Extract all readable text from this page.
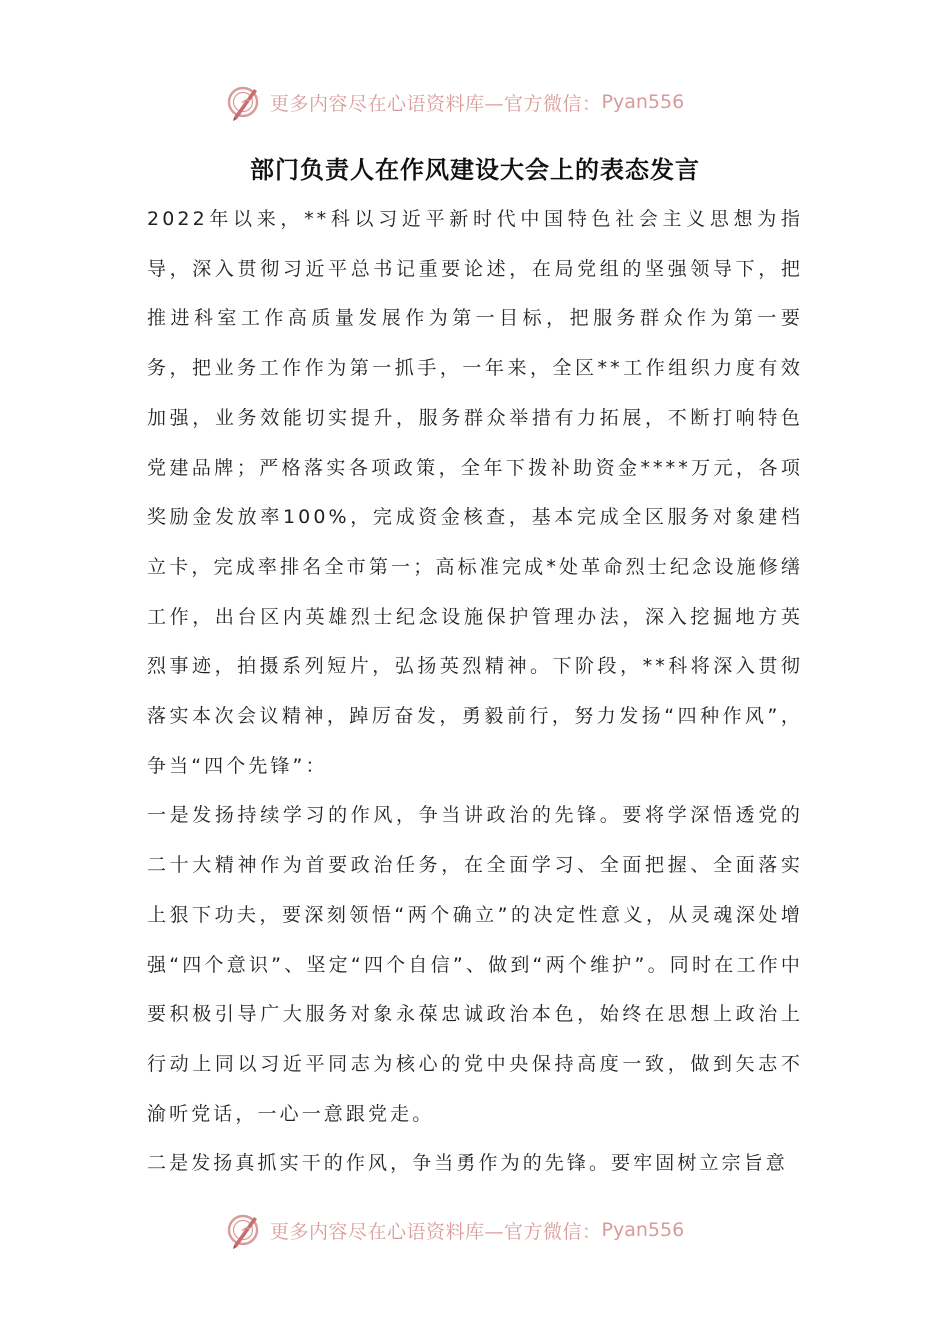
更多内容尽在心语资料库—官方微信： Pyan556
部门负责人在作风建设大会上的表态发言

2022年以来，**科以习近平新时代中国特色社会主义思想为指导，深入贯彻习近平总书记重要论述，在局党组的坚强领导下，把推进科室工作高质量发展作为第一目标，把服务群众作为第一要务，把业务工作作为第一抓手，一年来，全区**工作组织力度有效加强，业务效能切实提升，服务群众举措有力拓展，不断打响特色党建品牌；严格落实各项政策，全年下拨补助资金****万元，各项奖励金发放率100%，完成资金核查，基本完成全区服务对象建档立卡，完成率排名全市第一；高标准完成*处革命烈士纪念设施修缮工作，出台区内英雄烈士纪念设施保护管理办法，深入挖掘地方英烈事迹，拍摄系列短片，弘扬英烈精神。下阶段，**科将深入贯彻落实本次会议精神，踔厉奋发，勇毅前行，努力发扬“四种作风”，争当“四个先锋”：

一是发扬持续学习的作风，争当讲政治的先锋。要将学深悟透党的二十大精神作为首要政治任务，在全面学习、全面把握、全面落实上狠下功夫，要深刻领悟“两个确立”的决定性意义，从灵魂深处增强“四个意识”、坚定“四个自信”、做到“两个维护”。同时在工作中要积极引导广大服务对象永葆忠诚政治本色，始终在思想上政治上行动上同以习近平同志为核心的党中央保持高度一致，做到矢志不渝听党话，一心一意跟党走。

二是发扬真抓实干的作风，争当勇作为的先锋。要牢固树立宗旨意

更多内容尽在心语资料库—官方微信： Pyan556
